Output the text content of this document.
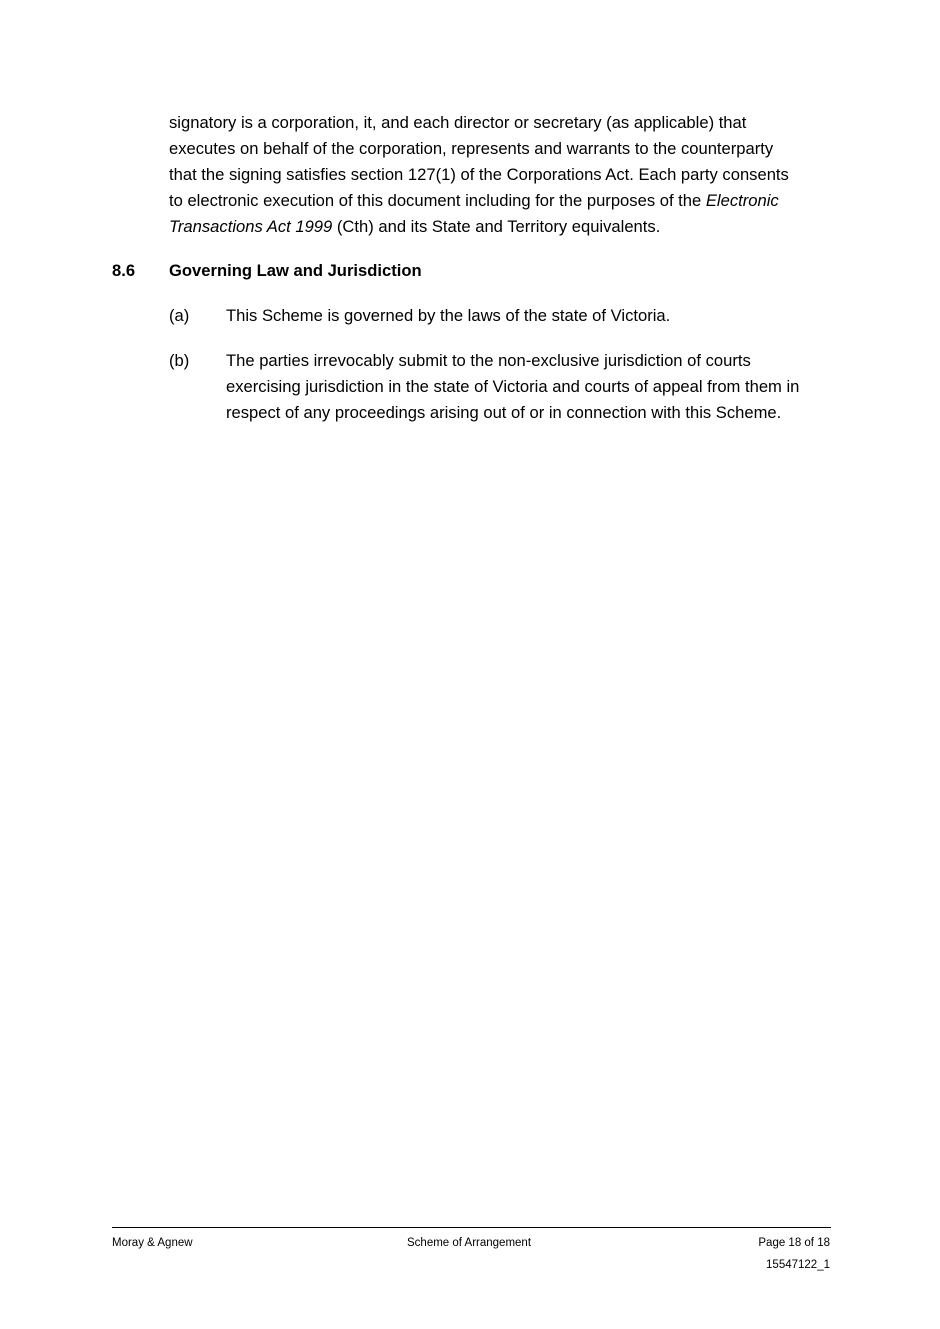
signatory is a corporation, it, and each director or secretary (as applicable) that
executes on behalf of the corporation, represents and warrants to the counterparty
that the signing satisfies section 127(1) of the Corporations Act. Each party consents
to electronic execution of this document including for the purposes of the Electronic
Transactions Act 1999 (Cth) and its State and Territory equivalents.
8.6 Governing Law and Jurisdiction
(a) This Scheme is governed by the laws of the state of Victoria.
(b) The parties irrevocably submit to the non-exclusive jurisdiction of courts
exercising jurisdiction in the state of Victoria and courts of appeal from them in
respect of any proceedings arising out of or in connection with this Scheme.
Moray & Agnew	Scheme of Arrangement	Page 18 of 18
15547122_1
